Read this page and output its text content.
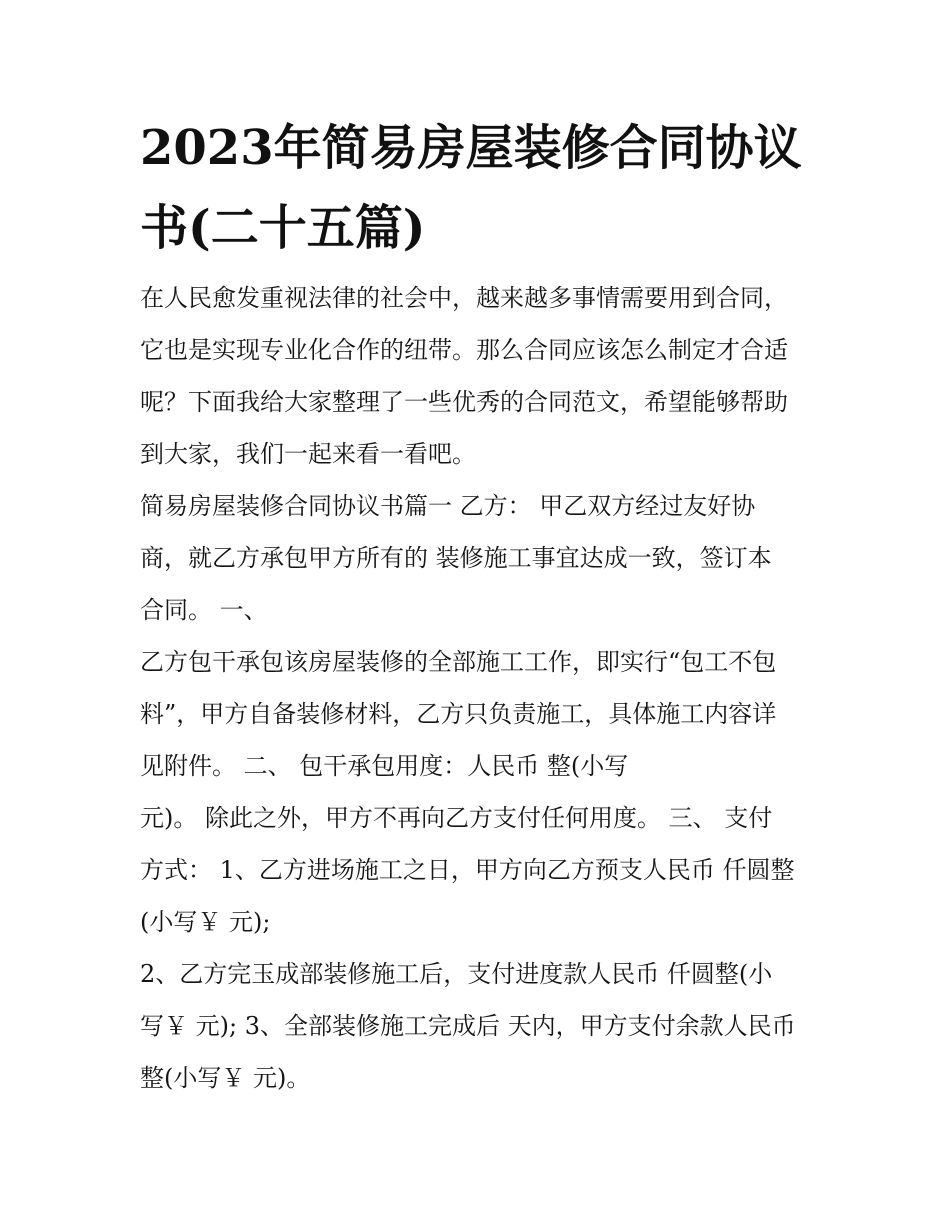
2023年简易房屋装修合同协议
书(二十五篇)
在人民愈发重视法律的社会中，越来越多事情需要用到合同，
它也是实现专业化合作的纽带。那么合同应该怎么制定才合适
呢？下面我给大家整理了一些优秀的合同范文，希望能够帮助
到大家，我们一起来看一看吧。
简易房屋装修合同协议书篇一 乙方： 甲乙双方经过友好协
商，就乙方承包甲方所有的 装修施工事宜达成一致，签订本
合同。 一、
乙方包干承包该房屋装修的全部施工工作，即实行“包工不包
料”，甲方自备装修材料，乙方只负责施工，具体施工内容详
见附件。 二、 包干承包用度：人民币 整(小写
元)。 除此之外，甲方不再向乙方支付任何用度。 三、 支付
方式： 1、乙方进场施工之日，甲方向乙方预支人民币 仟圆整
(小写￥ 元);
2、乙方完玉成部装修施工后，支付进度款人民币 仟圆整(小
写￥ 元); 3、全部装修施工完成后 天内，甲方支付余款人民币
整(小写￥ 元)。
